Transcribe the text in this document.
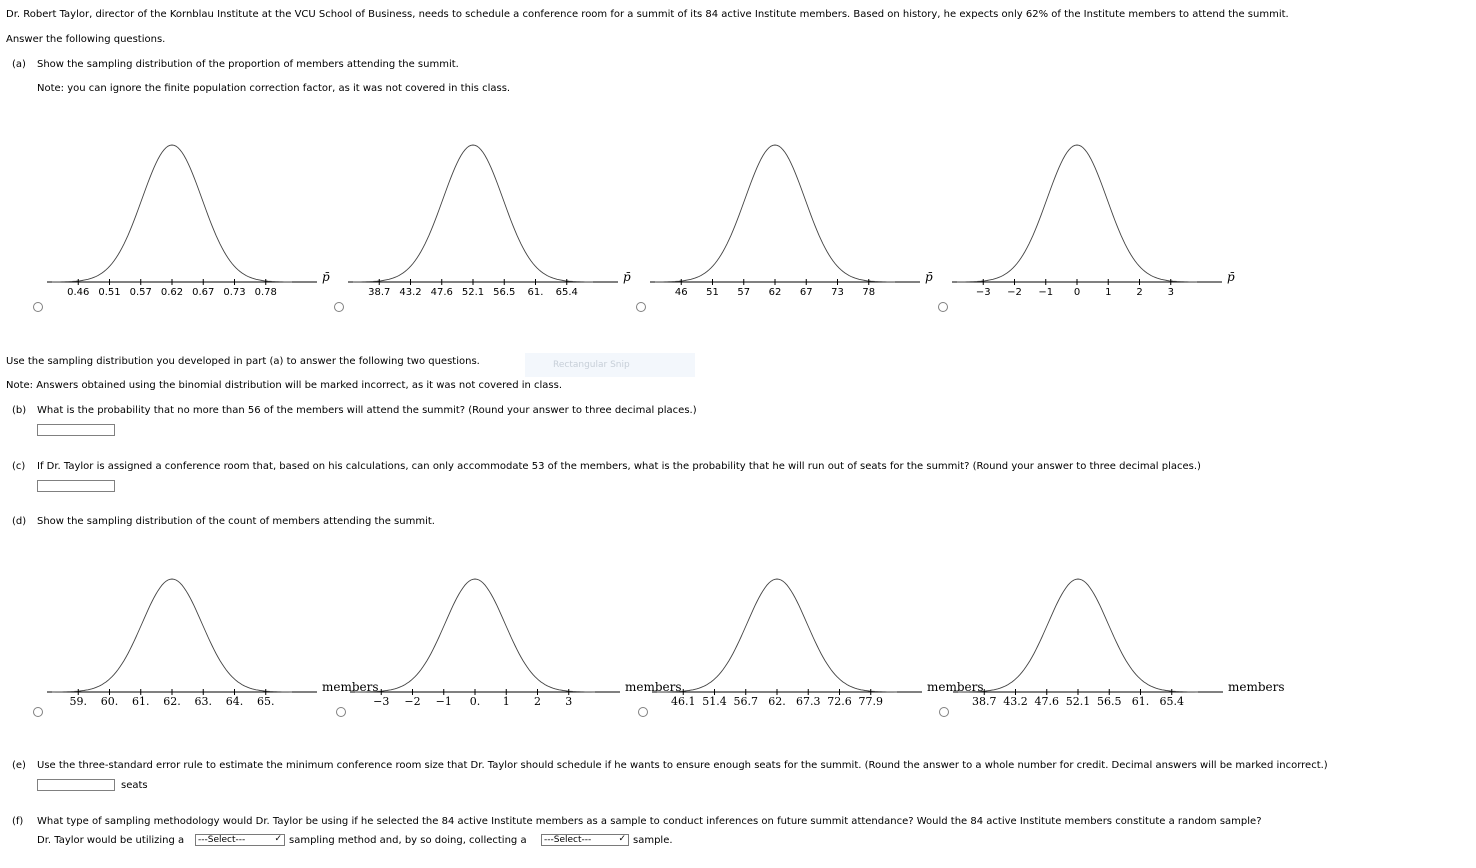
Dr. Robert Taylor, director of the Kornblau Institute at the VCU School of Business, needs to schedule a conference room for a summit of its 84 active Institute members. Based on history, he expects only 62% of the Institute members to attend the summit.
Answer the following questions.
(a) Show the sampling distribution of the proportion of members attending the summit.
Note: you can ignore the finite population correction factor, as it was not covered in this class.
0.46 0.51 0.57 0.62 0.67 0.73 0.78
p̄
38.7 43.2 47.6 52.1 56.5 61. 65.4
p̄
46 51 57 62 67 73 78
p̄
−3 −2 −1 0 1 2 3
p̄
Use the sampling distribution you developed in part (a) to answer the following two questions.	Rectangular Snip
Note: Answers obtained using the binomial distribution will be marked incorrect, as it was not covered in class.
(b) What is the probability that no more than 56 of the members will attend the summit? (Round your answer to three decimal places.)
(c) If Dr. Taylor is assigned a conference room that, based on his calculations, can only accommodate 53 of the members, what is the probability that he will run out of seats for the summit? (Round your answer to three decimal places.)
(d) Show the sampling distribution of the count of members attending the summit.
59. 60. 61. 62. 63. 64. 65.
members
−3 −2 −1 0. 1 2 3
members
46.1 51.4 56.7 62. 67.3 72.6 77.9
members
38.7 43.2 47.6 52.1 56.5 61. 65.4
members
(e) Use the three-standard error rule to estimate the minimum conference room size that Dr. Taylor should schedule if he wants to ensure enough seats for the summit. (Round the answer to a whole number for credit. Decimal answers will be marked incorrect.)
seats
(f) What type of sampling methodology would Dr. Taylor be using if he selected the 84 active Institute members as a sample to conduct inferences on future summit attendance? Would the 84 active Institute members constitute a random sample?
Dr. Taylor would be utilizing a	---Select---	✓ sampling method and, by so doing, collecting a	---Select---	✓ sample.
